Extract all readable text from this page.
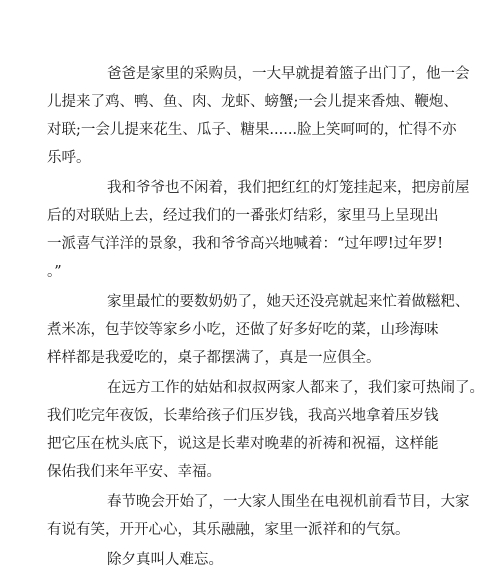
爸爸是家里的采购员，一大早就提着篮子出门了，他一会
儿提来了鸡、鸭、鱼、肉、龙虾、螃蟹;一会儿提来香烛、鞭炮、
对联;一会儿提来花生、瓜子、糖果......脸上笑呵呵的，忙得不亦
乐呼。
我和爷爷也不闲着，我们把红红的灯笼挂起来，把房前屋
后的对联贴上去，经过我们的一番张灯结彩，家里马上呈现出
一派喜气洋洋的景象，我和爷爷高兴地喊着：“过年啰!过年罗!
。”
家里最忙的要数奶奶了，她天还没亮就起来忙着做糍粑、
煮米冻，包芋饺等家乡小吃，还做了好多好吃的菜，山珍海味
样样都是我爱吃的，桌子都摆满了，真是一应俱全。
在远方工作的姑姑和叔叔两家人都来了，我们家可热闹了。
我们吃完年夜饭，长辈给孩子们压岁钱，我高兴地拿着压岁钱
把它压在枕头底下，说这是长辈对晚辈的祈祷和祝福，这样能
保佑我们来年平安、幸福。
春节晚会开始了，一大家人围坐在电视机前看节目，大家
有说有笑，开开心心，其乐融融，家里一派祥和的气氛。
除夕真叫人难忘。
